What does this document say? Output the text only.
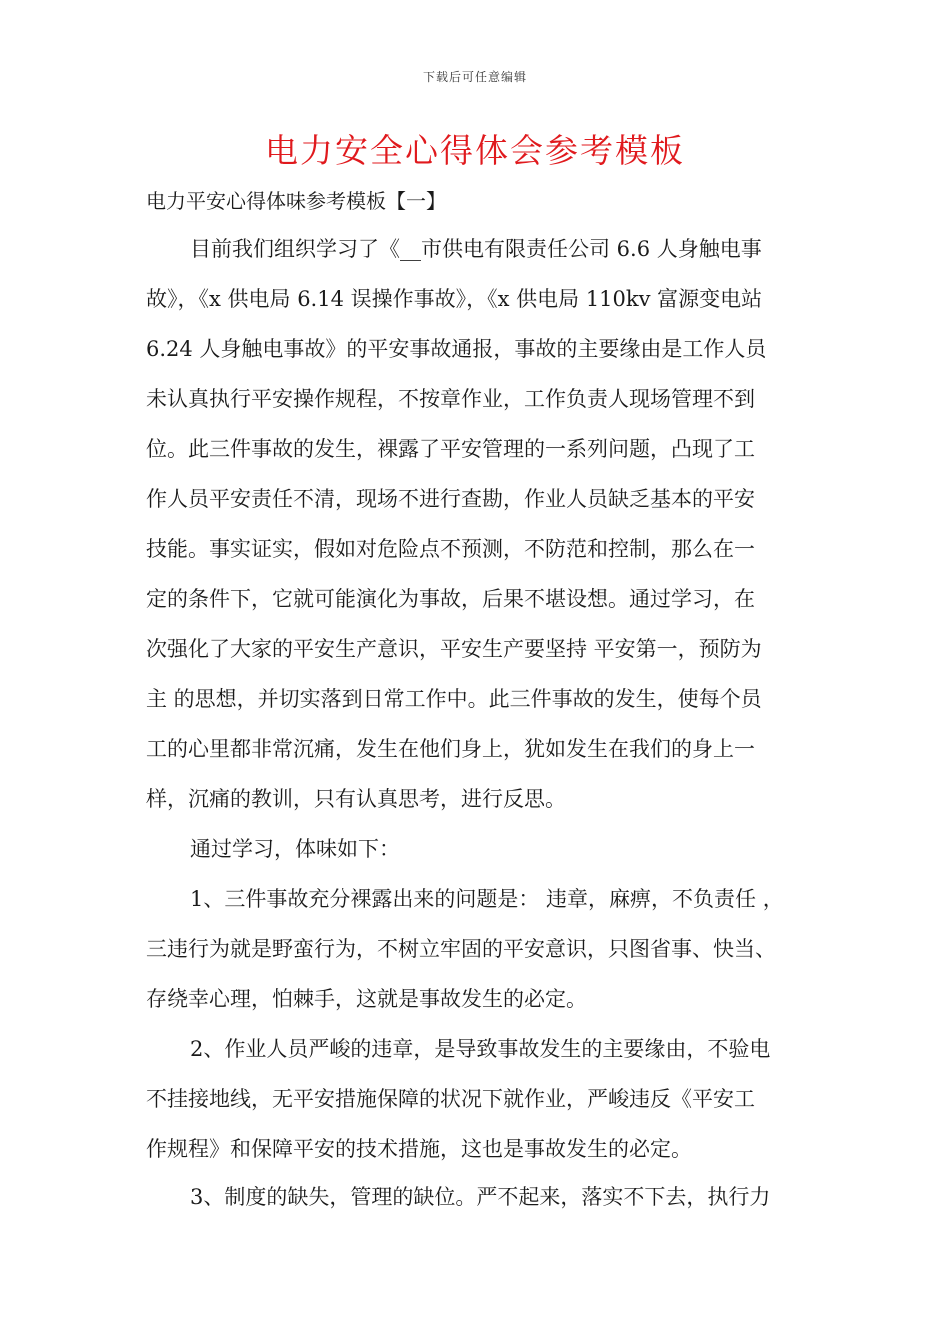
下载后可任意编辑
电力安全心得体会参考模板
电力平安心得体味参考模板【一】
目前我们组织学习了《__市供电有限责任公司 6.6 人身触电事
故》，《x 供电局 6.14 误操作事故》，《x 供电局 110kv 富源变电站
6.24 人身触电事故》的平安事故通报，事故的主要缘由是工作人员
未认真执行平安操作规程，不按章作业，工作负责人现场管理不到
位。此三件事故的发生，裸露了平安管理的一系列问题，凸现了工
作人员平安责任不清，现场不进行查勘，作业人员缺乏基本的平安
技能。事实证实，假如对危险点不预测，不防范和控制，那么在一
定的条件下，它就可能演化为事故，后果不堪设想。通过学习，在
次强化了大家的平安生产意识，平安生产要坚持 平安第一，预防为
主 的思想，并切实落到日常工作中。此三件事故的发生，使每个员
工的心里都非常沉痛，发生在他们身上，犹如发生在我们的身上一
样，沉痛的教训，只有认真思考，进行反思。
通过学习，体味如下：
1、三件事故充分裸露出来的问题是： 违章，麻痹，不负责任 ，
三违行为就是野蛮行为，不树立牢固的平安意识，只图省事、快当、
存绕幸心理，怕棘手，这就是事故发生的必定。
2、作业人员严峻的违章，是导致事故发生的主要缘由，不验电
不挂接地线，无平安措施保障的状况下就作业，严峻违反《平安工
作规程》和保障平安的技术措施，这也是事故发生的必定。
3、制度的缺失，管理的缺位。严不起来，落实不下去，执行力
